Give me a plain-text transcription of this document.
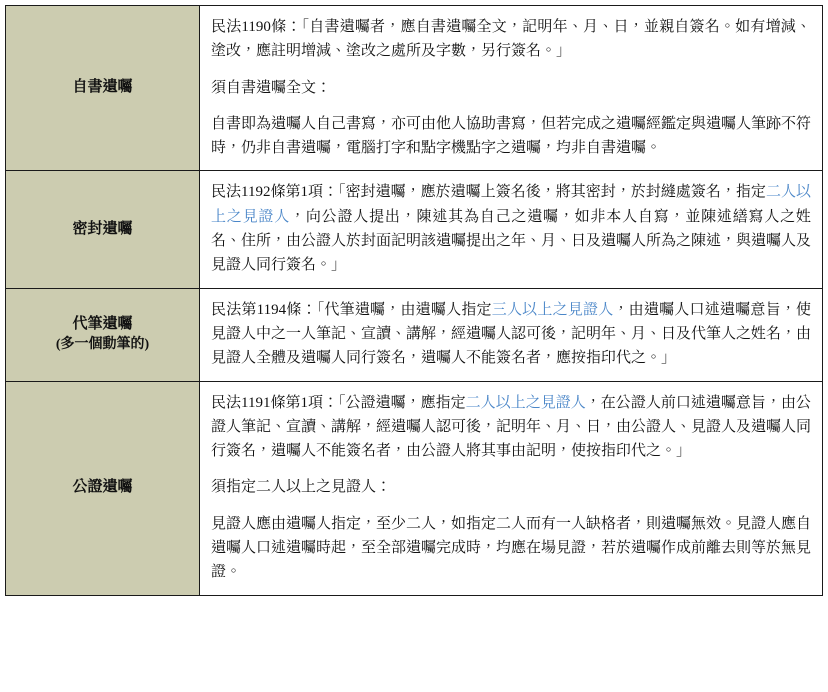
自書遺囑	民法1190條：「自書遺囑者，應自書遺囑全文，記明年、月、日，並親自簽名。如有增減、塗改，應註明增減、塗改之處所及字數，另行簽名。」

須自書遺囑全文：

自書即為遺囑人自己書寫，亦可由他人協助書寫，但若完成之遺囑經鑑定與遺囑人筆跡不符時，仍非自書遺囑，電腦打字和點字機點字之遺囑，均非自書遺囑。

密封遺囑	民法1192條第1項：「密封遺囑，應於遺囑上簽名後，將其密封，於封縫處簽名，指定二人以上之見證人，向公證人提出，陳述其為自己之遺囑，如非本人自寫，並陳述繕寫人之姓名、住所，由公證人於封面記明該遺囑提出之年、月、日及遺囑人所為之陳述，與遺囑人及見證人同行簽名。」

代筆遺囑
(多一個動筆的)	民法第1194條：「代筆遺囑，由遺囑人指定三人以上之見證人，由遺囑人口述遺囑意旨，使見證人中之一人筆記、宣讀、講解，經遺囑人認可後，記明年、月、日及代筆人之姓名，由見證人全體及遺囑人同行簽名，遺囑人不能簽名者，應按指印代之。」

公證遺囑	民法1191條第1項：「公證遺囑，應指定二人以上之見證人，在公證人前口述遺囑意旨，由公證人筆記、宣讀、講解，經遺囑人認可後，記明年、月、日，由公證人、見證人及遺囑人同行簽名，遺囑人不能簽名者，由公證人將其事由記明，使按指印代之。」

須指定二人以上之見證人：

見證人應由遺囑人指定，至少二人，如指定二人而有一人缺格者，則遺囑無效。見證人應自遺囑人口述遺囑時起，至全部遺囑完成時，均應在場見證，若於遺囑作成前離去則等於無見證。
